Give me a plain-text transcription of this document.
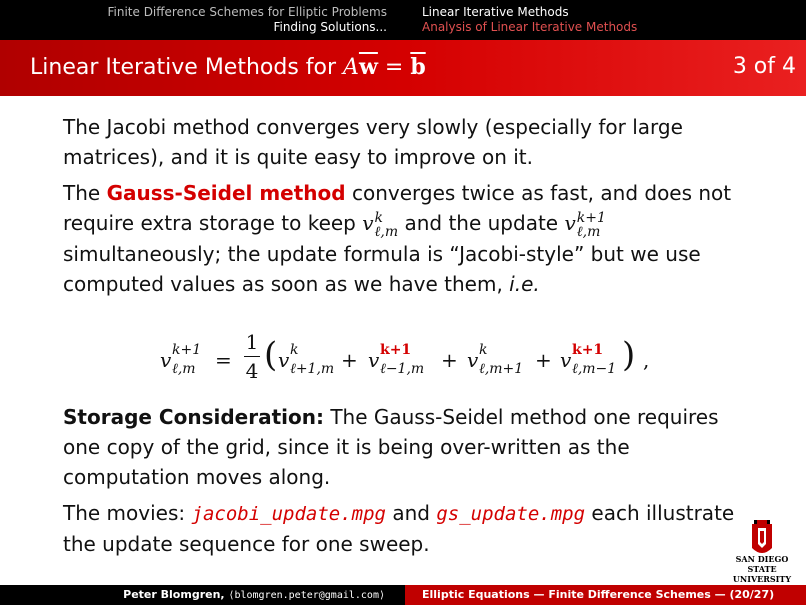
Finite Difference Schemes for Elliptic Problems
Finding Solutions...
Linear Iterative Methods
Analysis of Linear Iterative Methods
Linear Iterative Methods for $A\overline{w} = \overline{b}$	3 of 4

The Jacobi method converges very slowly (especially for large matrices), and it is quite easy to improve on it.

The Gauss-Seidel method converges twice as fast, and does not require extra storage to keep v k
ℓ,m and the update v k+1
ℓ,m
simultaneously; the update formula is “Jacobi-style” but we use computed values as soon as we have them, i.e.

v k+1
ℓ,m =
1
4 ( v k
ℓ+1,m + v k+1
ℓ−1,m + v k
ℓ,m+1 + v k+1
ℓ,m−1 ) ,

Storage Consideration: The Gauss-Seidel method one requires one copy of the grid, since it is being over-written as the computation moves along.

The movies: jacobi_update.mpg and gs_update.mpg each illustrate the update sequence for one sweep.

SAN DIEGO STATE
UNIVERSITY
Peter Blomgren, ⟨blomgren.peter@gmail.com⟩	Elliptic Equations — Finite Difference Schemes — (20/27)
